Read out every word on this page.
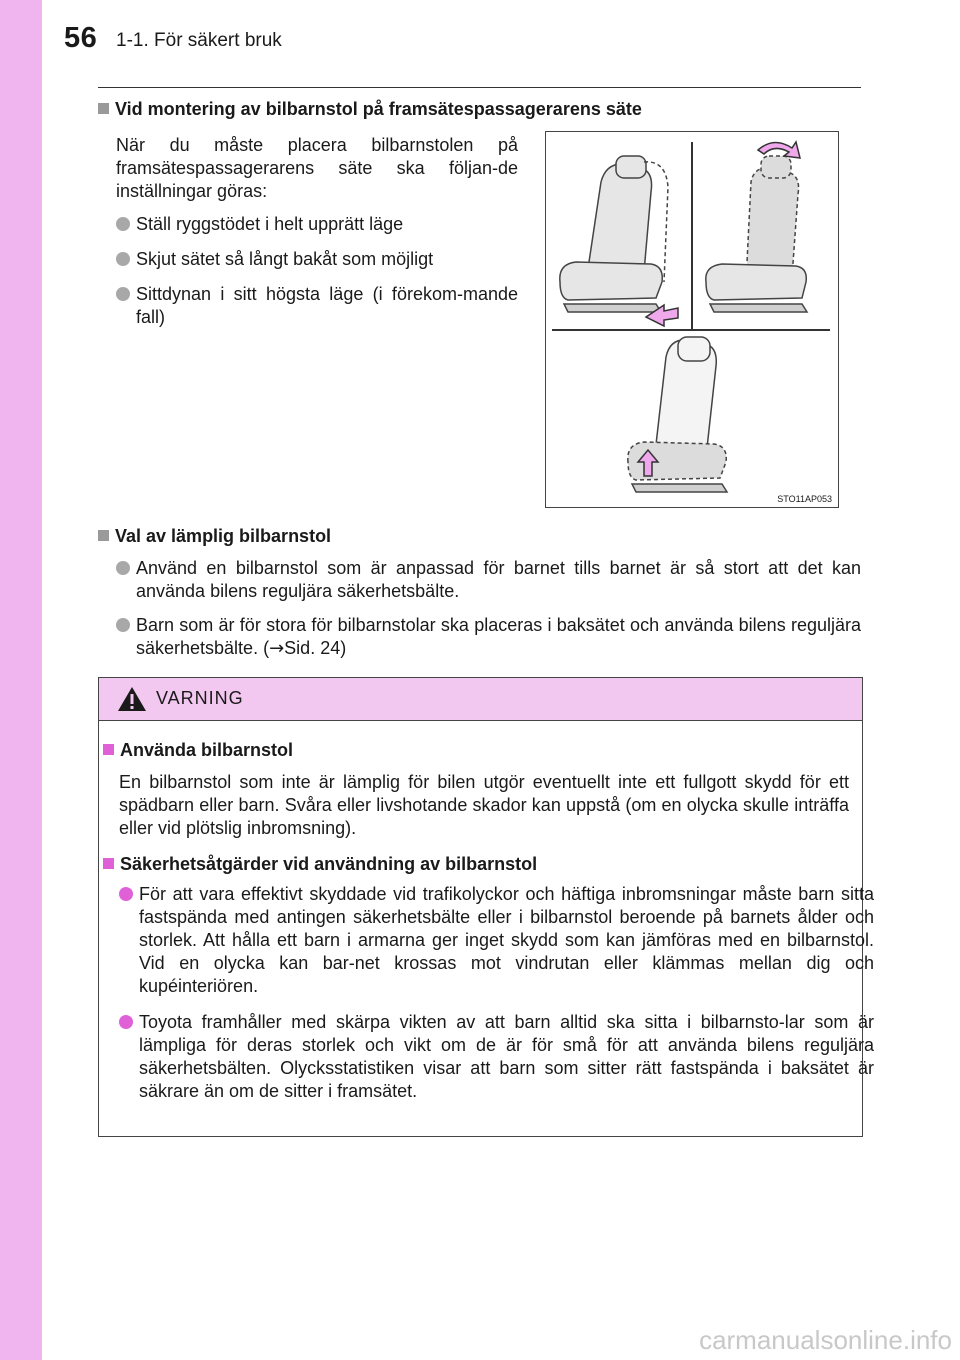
56 1-1. För säkert bruk
Vid montering av bilbarnstol på framsätespassagerarens säte
När du måste placera bilbarnstolen på framsätespassagerarens säte ska följan-de inställningar göras:
Ställ ryggstödet i helt upprätt läge
Skjut sätet så långt bakåt som möjligt
Sittdynan i sitt högsta läge (i förekom-mande fall)
STO11AP053
Val av lämplig bilbarnstol
Använd en bilbarnstol som är anpassad för barnet tills barnet är så stort att det kan använda bilens reguljära säkerhetsbälte.
Barn som är för stora för bilbarnstolar ska placeras i baksätet och använda bilens reguljära säkerhetsbälte. (→Sid. 24)
VARNING
Använda bilbarnstol
En bilbarnstol som inte är lämplig för bilen utgör eventuellt inte ett fullgott skydd för ett spädbarn eller barn. Svåra eller livshotande skador kan uppstå (om en olycka skulle inträffa eller vid plötslig inbromsning).
Säkerhetsåtgärder vid användning av bilbarnstol
För att vara effektivt skyddade vid trafikolyckor och häftiga inbromsningar måste barn sitta fastspända med antingen säkerhetsbälte eller i bilbarnstol beroende på barnets ålder och storlek. Att hålla ett barn i armarna ger inget skydd som kan jämföras med en bilbarnstol. Vid en olycka kan bar-net krossas mot vindrutan eller klämmas mellan dig och kupéinteriören.
Toyota framhåller med skärpa vikten av att barn alltid ska sitta i bilbarnsto-lar som är lämpliga för deras storlek och vikt om de är för små för att använda bilens reguljära säkerhetsbälten. Olycksstatistiken visar att barn som sitter rätt fastspända i baksätet är säkrare än om de sitter i framsätet.
carmanualsonline.info
